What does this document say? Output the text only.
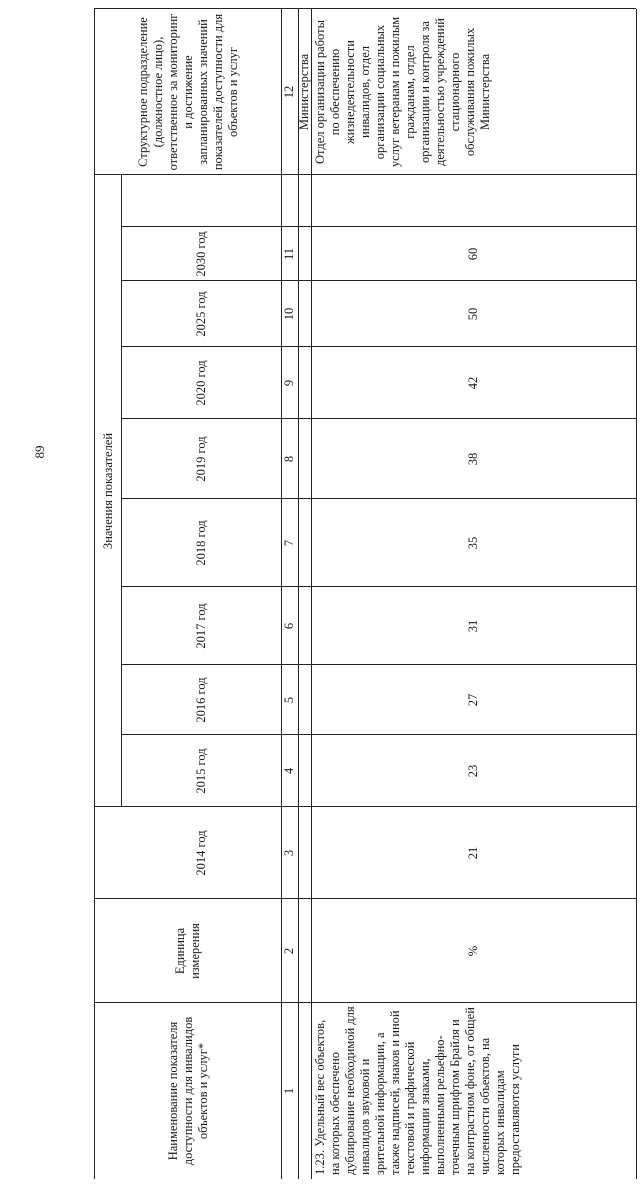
89
Наименование показателя доступности для инвалидов объектов и услуг*
Единица измерения
Значения показателей
2014 год
2015 год
2016 год
2017 год
2018 год
2019 год
2020 год
2025 год
2030 год
Структурное подразделение (должностное лицо), ответственное за мониторинг и достижение запланированных значений показателей доступности для объектов и услуг
1
2
3
4
5
6
7
8
9
10
11
12 Министерства
1.23. Удельный вес объектов, на которых обеспечено дублирование необходимой для инвалидов звуковой и зрительной информации, а также надписей, знаков и иной текстовой и графической информации знаками, выполненными рельефно-точечным шрифтом Брайля и на контрастном фоне, от общей численности объектов, на которых инвалидам предоставляются услуги
%
21
23
27
31
35
38
42
50
60
Отдел организации работы по обеспечению жизнедеятельности инвалидов, отдел организации социальных услуг ветеранам и пожилым гражданам, отдел организации и контроля за деятельностью учреждений стационарного обслуживания пожилых Министерства
